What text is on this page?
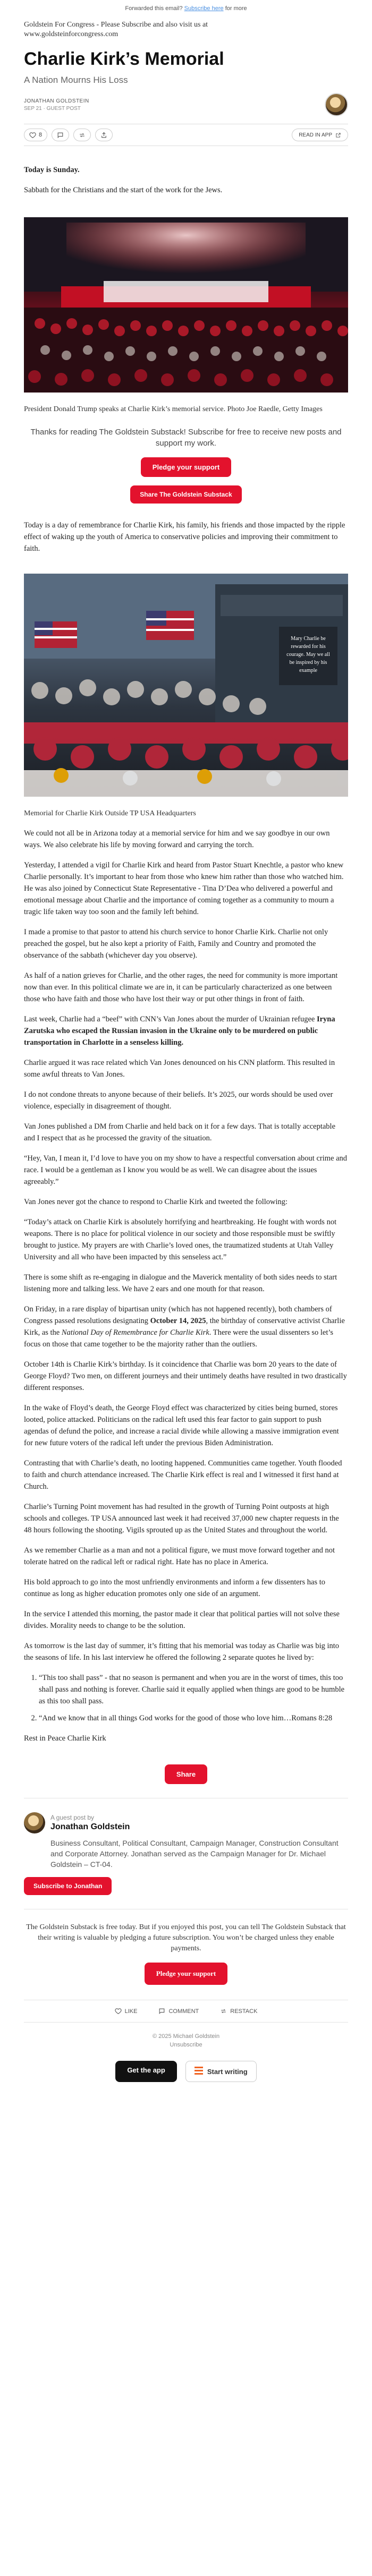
Forwarded this email? Subscribe here for more
Goldstein For Congress - Please Subscribe and also visit us at
www.goldsteinforcongress.com
Charlie Kirk’s Memorial
A Nation Mourns His Loss
JONATHAN GOLDSTEIN
SEP 21 · GUEST POST
8	READ IN APP

Today is Sunday.

Sabbath for the Christians and the start of the work for the Jews.

President Donald Trump speaks at Charlie Kirk’s memorial service. Photo Joe Raedle, Getty Images
Thanks for reading The Goldstein Substack! Subscribe for free to receive new posts and support my work.
Pledge your support
Share The Goldstein Substack

Today is a day of remembrance for Charlie Kirk, his family, his friends and those impacted by the ripple effect of waking up the youth of America to conservative policies and improving their commitment to faith.

Mary Charlie be
rewarded for his
courage. May we all
be inspired by his
example
Memorial for Charlie Kirk Outside TP USA Headquarters

We could not all be in Arizona today at a memorial service for him and we say goodbye in our own ways. We also celebrate his life by moving forward and carrying the torch.

Yesterday, I attended a vigil for Charlie Kirk and heard from Pastor Stuart Knechtle, a pastor who knew Charlie personally. It’s important to hear from those who knew him rather than those who watched him. He was also joined by Connecticut State Representative - Tina D’Dea who delivered a powerful and emotional message about Charlie and the importance of coming together as a community to mourn a tragic life taken way too soon and the family left behind.

I made a promise to that pastor to attend his church service to honor Charlie Kirk. Charlie not only preached the gospel, but he also kept a priority of Faith, Family and Country and promoted the observance of the sabbath (whichever day you observe).

As half of a nation grieves for Charlie, and the other rages, the need for community is more important now than ever. In this political climate we are in, it can be particularly characterized as one between those who have faith and those who have lost their way or put other things in front of faith.

Last week, Charlie had a “beef” with CNN’s Van Jones about the murder of Ukrainian refugee Iryna Zarutska who escaped the Russian invasion in the Ukraine only to be murdered on public transportation in Charlotte in a senseless killing.

Charlie argued it was race related which Van Jones denounced on his CNN platform. This resulted in some awful threats to Van Jones.

I do not condone threats to anyone because of their beliefs. It’s 2025, our words should be used over violence, especially in disagreement of thought.

Van Jones published a DM from Charlie and held back on it for a few days. That is totally acceptable and I respect that as he processed the gravity of the situation.

“Hey, Van, I mean it, I’d love to have you on my show to have a respectful conversation about crime and race. I would be a gentleman as I know you would be as well. We can disagree about the issues agreeably.”

Van Jones never got the chance to respond to Charlie Kirk and tweeted the following:

“Today’s attack on Charlie Kirk is absolutely horrifying and heartbreaking. He fought with words not weapons. There is no place for political violence in our society and those responsible must be swiftly brought to justice. My prayers are with Charlie’s loved ones, the traumatized students at Utah Valley University and all who have been impacted by this senseless act.”

There is some shift as re-engaging in dialogue and the Maverick mentality of both sides needs to start listening more and talking less. We have 2 ears and one mouth for that reason.

On Friday, in a rare display of bipartisan unity (which has not happened recently), both chambers of Congress passed resolutions designating October 14, 2025, the birthday of conservative activist Charlie Kirk, as the National Day of Remembrance for Charlie Kirk. There were the usual dissenters so let’s focus on those that came together to be the majority rather than the outliers.

October 14th is Charlie Kirk’s birthday. Is it coincidence that Charlie was born 20 years to the date of George Floyd? Two men, on different journeys and their untimely deaths have resulted in two drastically different responses.

In the wake of Floyd’s death, the George Floyd effect was characterized by cities being burned, stores looted, police attacked. Politicians on the radical left used this fear factor to gain support to push agendas of defund the police, and increase a racial divide while allowing a massive immigration event for new future voters of the radical left under the previous Biden Administration.

Contrasting that with Charlie’s death, no looting happened. Communities came together. Youth flooded to faith and church attendance increased. The Charlie Kirk effect is real and I witnessed it first hand at Church.

Charlie’s Turning Point movement has had resulted in the growth of Turning Point outposts at high schools and colleges. TP USA announced last week it had received 37,000 new chapter requests in the 48 hours following the shooting. Vigils sprouted up as the United States and throughout the world.

As we remember Charlie as a man and not a political figure, we must move forward together and not tolerate hatred on the radical left or radical right. Hate has no place in America.

His bold approach to go into the most unfriendly environments and inform a few dissenters has to continue as long as higher education promotes only one side of an argument.

In the service I attended this morning, the pastor made it clear that political parties will not solve these divides. Morality needs to change to be the solution.

As tomorrow is the last day of summer, it’s fitting that his memorial was today as Charlie was big into the seasons of life. In his last interview he offered the following 2 separate quotes he lived by:

1. “This too shall pass” - that no season is permanent and when you are in the worst of times, this too shall pass and nothing is forever. Charlie said it equally applied when things are good to be humble as this too shall pass.
2. “And we know that in all things God works for the good of those who love him…Romans 8:28

Rest in Peace Charlie Kirk

Share
A guest post by
Jonathan Goldstein
Business Consultant, Political Consultant, Campaign Manager, Construction Consultant and Corporate Attorney. Jonathan served as the Campaign Manager for Dr. Michael Goldstein – CT-04.
Subscribe to Jonathan
The Goldstein Substack is free today. But if you enjoyed this post, you can tell The Goldstein Substack that their writing is valuable by pledging a future subscription. You won’t be charged unless they enable payments.
Pledge your support
LIKE	COMMENT	RESTACK
© 2025 Michael Goldstein
Unsubscribe
Get the app	Start writing
